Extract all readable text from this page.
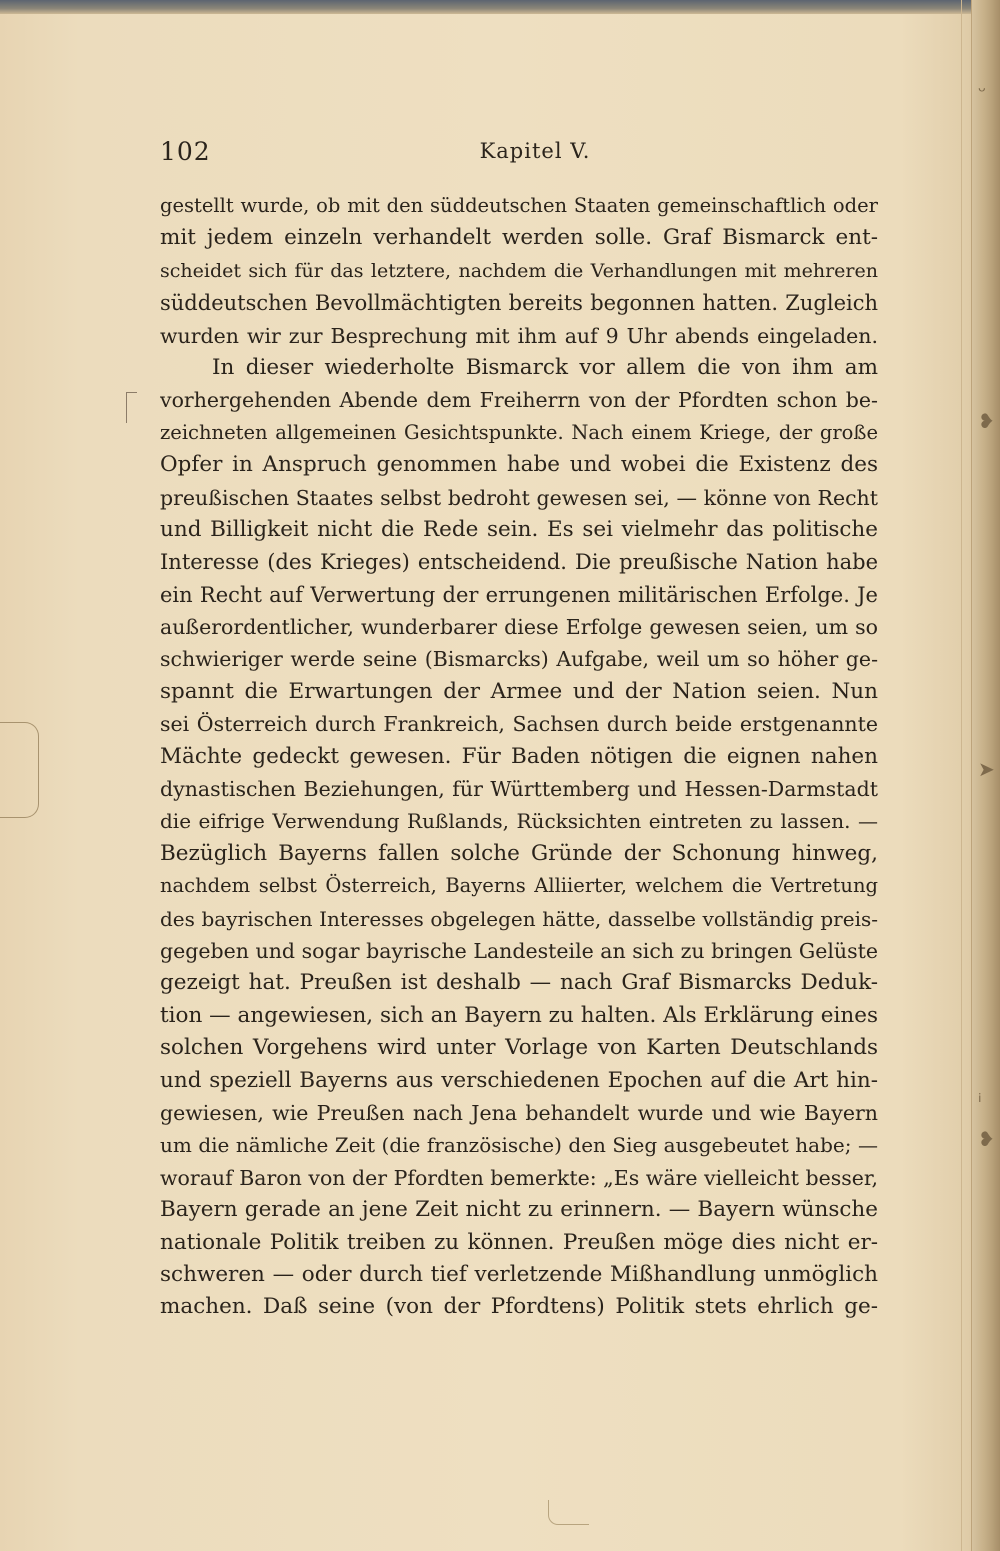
ᵕ
❥
➤
ᵢ
❥
102	Kapitel V.
gestellt wurde, ob mit den süddeutschen Staaten gemeinschaftlich oder
mit jedem einzeln verhandelt werden solle. Graf Bismarck ent-
scheidet sich für das letztere, nachdem die Verhandlungen mit mehreren
süddeutschen Bevollmächtigten bereits begonnen hatten. Zugleich
wurden wir zur Besprechung mit ihm auf 9 Uhr abends eingeladen.
In dieser wiederholte Bismarck vor allem die von ihm am
vorhergehenden Abende dem Freiherrn von der Pfordten schon be-
zeichneten allgemeinen Gesichtspunkte. Nach einem Kriege, der große
Opfer in Anspruch genommen habe und wobei die Existenz des
preußischen Staates selbst bedroht gewesen sei, — könne von Recht
und Billigkeit nicht die Rede sein. Es sei vielmehr das politische
Interesse (des Krieges) entscheidend. Die preußische Nation habe
ein Recht auf Verwertung der errungenen militärischen Erfolge. Je
außerordentlicher, wunderbarer diese Erfolge gewesen seien, um so
schwieriger werde seine (Bismarcks) Aufgabe, weil um so höher ge-
spannt die Erwartungen der Armee und der Nation seien. Nun
sei Österreich durch Frankreich, Sachsen durch beide erstgenannte
Mächte gedeckt gewesen. Für Baden nötigen die eignen nahen
dynastischen Beziehungen, für Württemberg und Hessen-Darmstadt
die eifrige Verwendung Rußlands, Rücksichten eintreten zu lassen. —
Bezüglich Bayerns fallen solche Gründe der Schonung hinweg,
nachdem selbst Österreich, Bayerns Alliierter, welchem die Vertretung
des bayrischen Interesses obgelegen hätte, dasselbe vollständig preis-
gegeben und sogar bayrische Landesteile an sich zu bringen Gelüste
gezeigt hat. Preußen ist deshalb — nach Graf Bismarcks Deduk-
tion — angewiesen, sich an Bayern zu halten. Als Erklärung eines
solchen Vorgehens wird unter Vorlage von Karten Deutschlands
und speziell Bayerns aus verschiedenen Epochen auf die Art hin-
gewiesen, wie Preußen nach Jena behandelt wurde und wie Bayern
um die nämliche Zeit (die französische) den Sieg ausgebeutet habe; —
worauf Baron von der Pfordten bemerkte: „Es wäre vielleicht besser,
Bayern gerade an jene Zeit nicht zu erinnern. — Bayern wünsche
nationale Politik treiben zu können. Preußen möge dies nicht er-
schweren — oder durch tief verletzende Mißhandlung unmöglich
machen. Daß seine (von der Pfordtens) Politik stets ehrlich ge-
